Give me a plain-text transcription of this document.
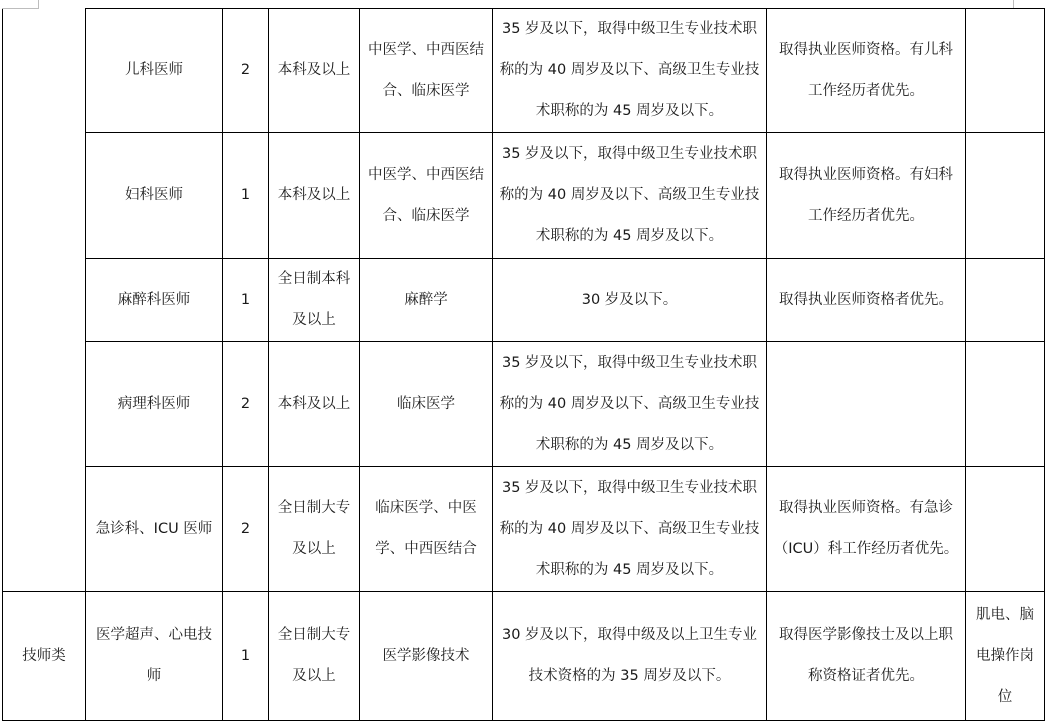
	儿科医师	2	本科及以上	中医学、中西医结合、临床医学	35 岁及以下，取得中级卫生专业技术职称的为 40 周岁及以下、高级卫生专业技术职称的为 45 周岁及以下。	取得执业医师资格。有儿科工作经历者优先。	
	妇科医师	1	本科及以上	中医学、中西医结合、临床医学	35 岁及以下，取得中级卫生专业技术职称的为 40 周岁及以下、高级卫生专业技术职称的为 45 周岁及以下。	取得执业医师资格。有妇科工作经历者优先。	
	麻醉科医师	1	全日制本科及以上	麻醉学	30 岁及以下。	取得执业医师资格者优先。	
	病理科医师	2	本科及以上	临床医学	35 岁及以下，取得中级卫生专业技术职称的为 40 周岁及以下、高级卫生专业技术职称的为 45 周岁及以下。		
	急诊科、ICU 医师	2	全日制大专及以上	临床医学、中医学、中西医结合	35 岁及以下，取得中级卫生专业技术职称的为 40 周岁及以下、高级卫生专业技术职称的为 45 周岁及以下。	取得执业医师资格。有急诊（ICU）科工作经历者优先。	
技师类	医学超声、心电技师	1	全日制大专及以上	医学影像技术	30 岁及以下，取得中级及以上卫生专业技术资格的为 35 周岁及以下。	取得医学影像技士及以上职称资格证者优先。	肌电、脑电操作岗位
